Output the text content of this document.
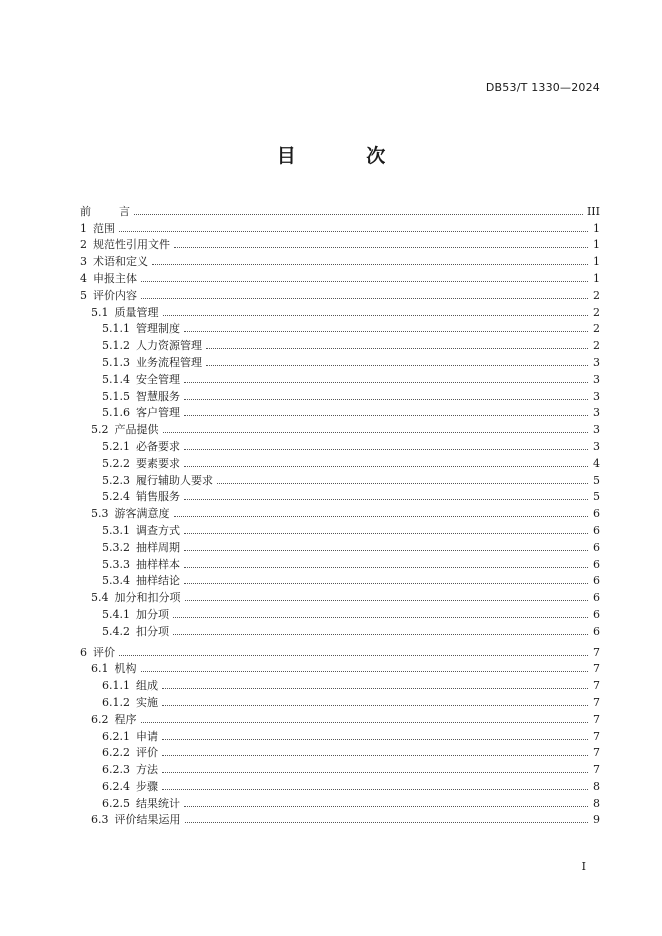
DB53/T 1330—2024
目 次
前        言	III
1 范围	1
2 规范性引用文件	1
3 术语和定义	1
4 申报主体	1
5 评价内容	2
5.1 质量管理	2
5.1.1 管理制度	2
5.1.2 人力资源管理	2
5.1.3 业务流程管理	3
5.1.4 安全管理	3
5.1.5 智慧服务	3
5.1.6 客户管理	3
5.2 产品提供	3
5.2.1 必备要求	3
5.2.2 要素要求	4
5.2.3 履行辅助人要求	5
5.2.4 销售服务	5
5.3 游客满意度	6
5.3.1 调查方式	6
5.3.2 抽样周期	6
5.3.3 抽样样本	6
5.3.4 抽样结论	6
5.4 加分和扣分项	6
5.4.1 加分项	6
5.4.2 扣分项	6
6 评价	7
6.1 机构	7
6.1.1 组成	7
6.1.2 实施	7
6.2 程序	7
6.2.1 申请	7
6.2.2 评价	7
6.2.3 方法	7
6.2.4 步骤	8
6.2.5 结果统计	8
6.3 评价结果运用	9
I
